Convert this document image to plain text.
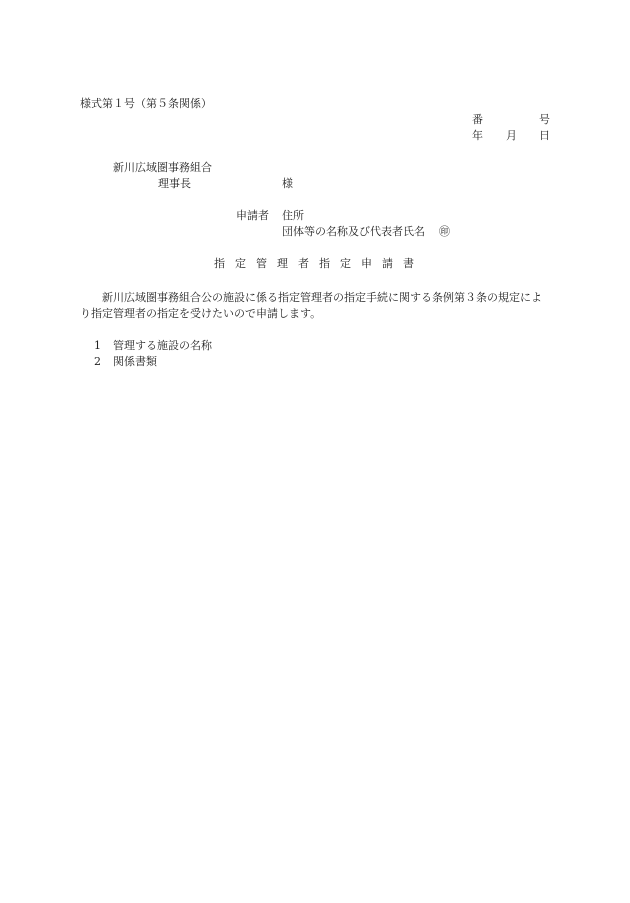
様式第１号（第５条関係）
番	号
年 月 日
新川広域圏事務組合
理事長	様
申請者 住所
団体等の名称及び代表者氏名 ㊞
指定管理者指定申請書
新川広域圏事務組合公の施設に係る指定管理者の指定手続に関する条例第３条の規定により指定管理者の指定を受けたいので申請します。
1 管理する施設の名称
2 関係書類
